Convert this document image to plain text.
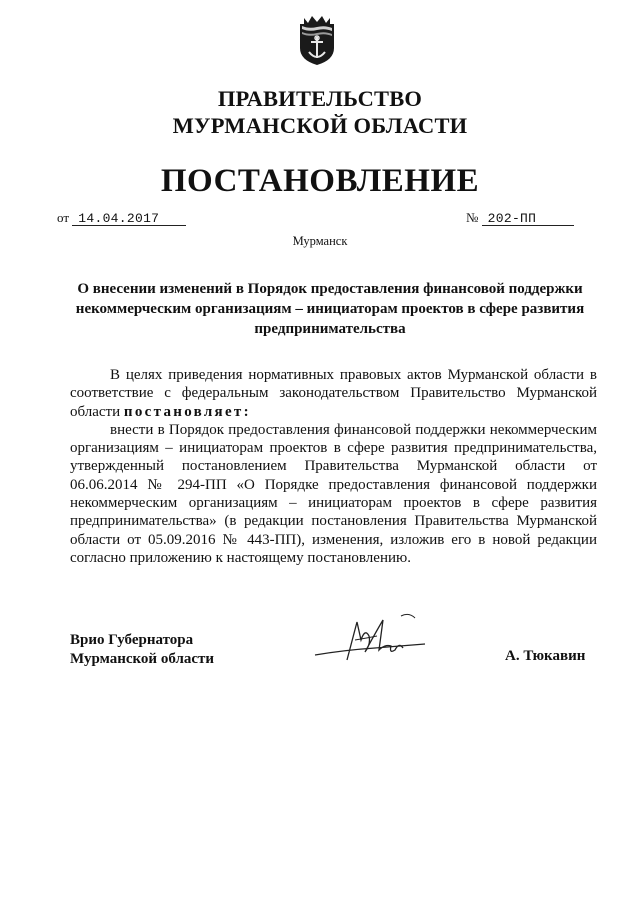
ПРАВИТЕЛЬСТВО
МУРМАНСКОЙ ОБЛАСТИ
ПОСТАНОВЛЕНИЕ
от 14.04.2017	№ 202-ПП
Мурманск
О внесении изменений в Порядок предоставления финансовой поддержки
некоммерческим организациям – инициаторам проектов в сфере развития
предпринимательства

В целях приведения нормативных правовых актов Мурманской области в соответствие с федеральным законодательством Правительство Мурманской области постановляет:

внести в Порядок предоставления финансовой поддержки некоммерческим организациям – инициаторам проектов в сфере развития предпринимательства, утвержденный постановлением Правительства Мурманской области от 06.06.2014 № 294-ПП «О Порядке предоставления финансовой поддержки некоммерческим организациям – инициаторам проектов в сфере развития предпринимательства» (в редакции постановления Правительства Мурманской области от 05.09.2016 № 443-ПП), изменения, изложив его в новой редакции согласно приложению к настоящему постановлению.

Врио Губернатора
Мурманской области	А. Тюкавин
